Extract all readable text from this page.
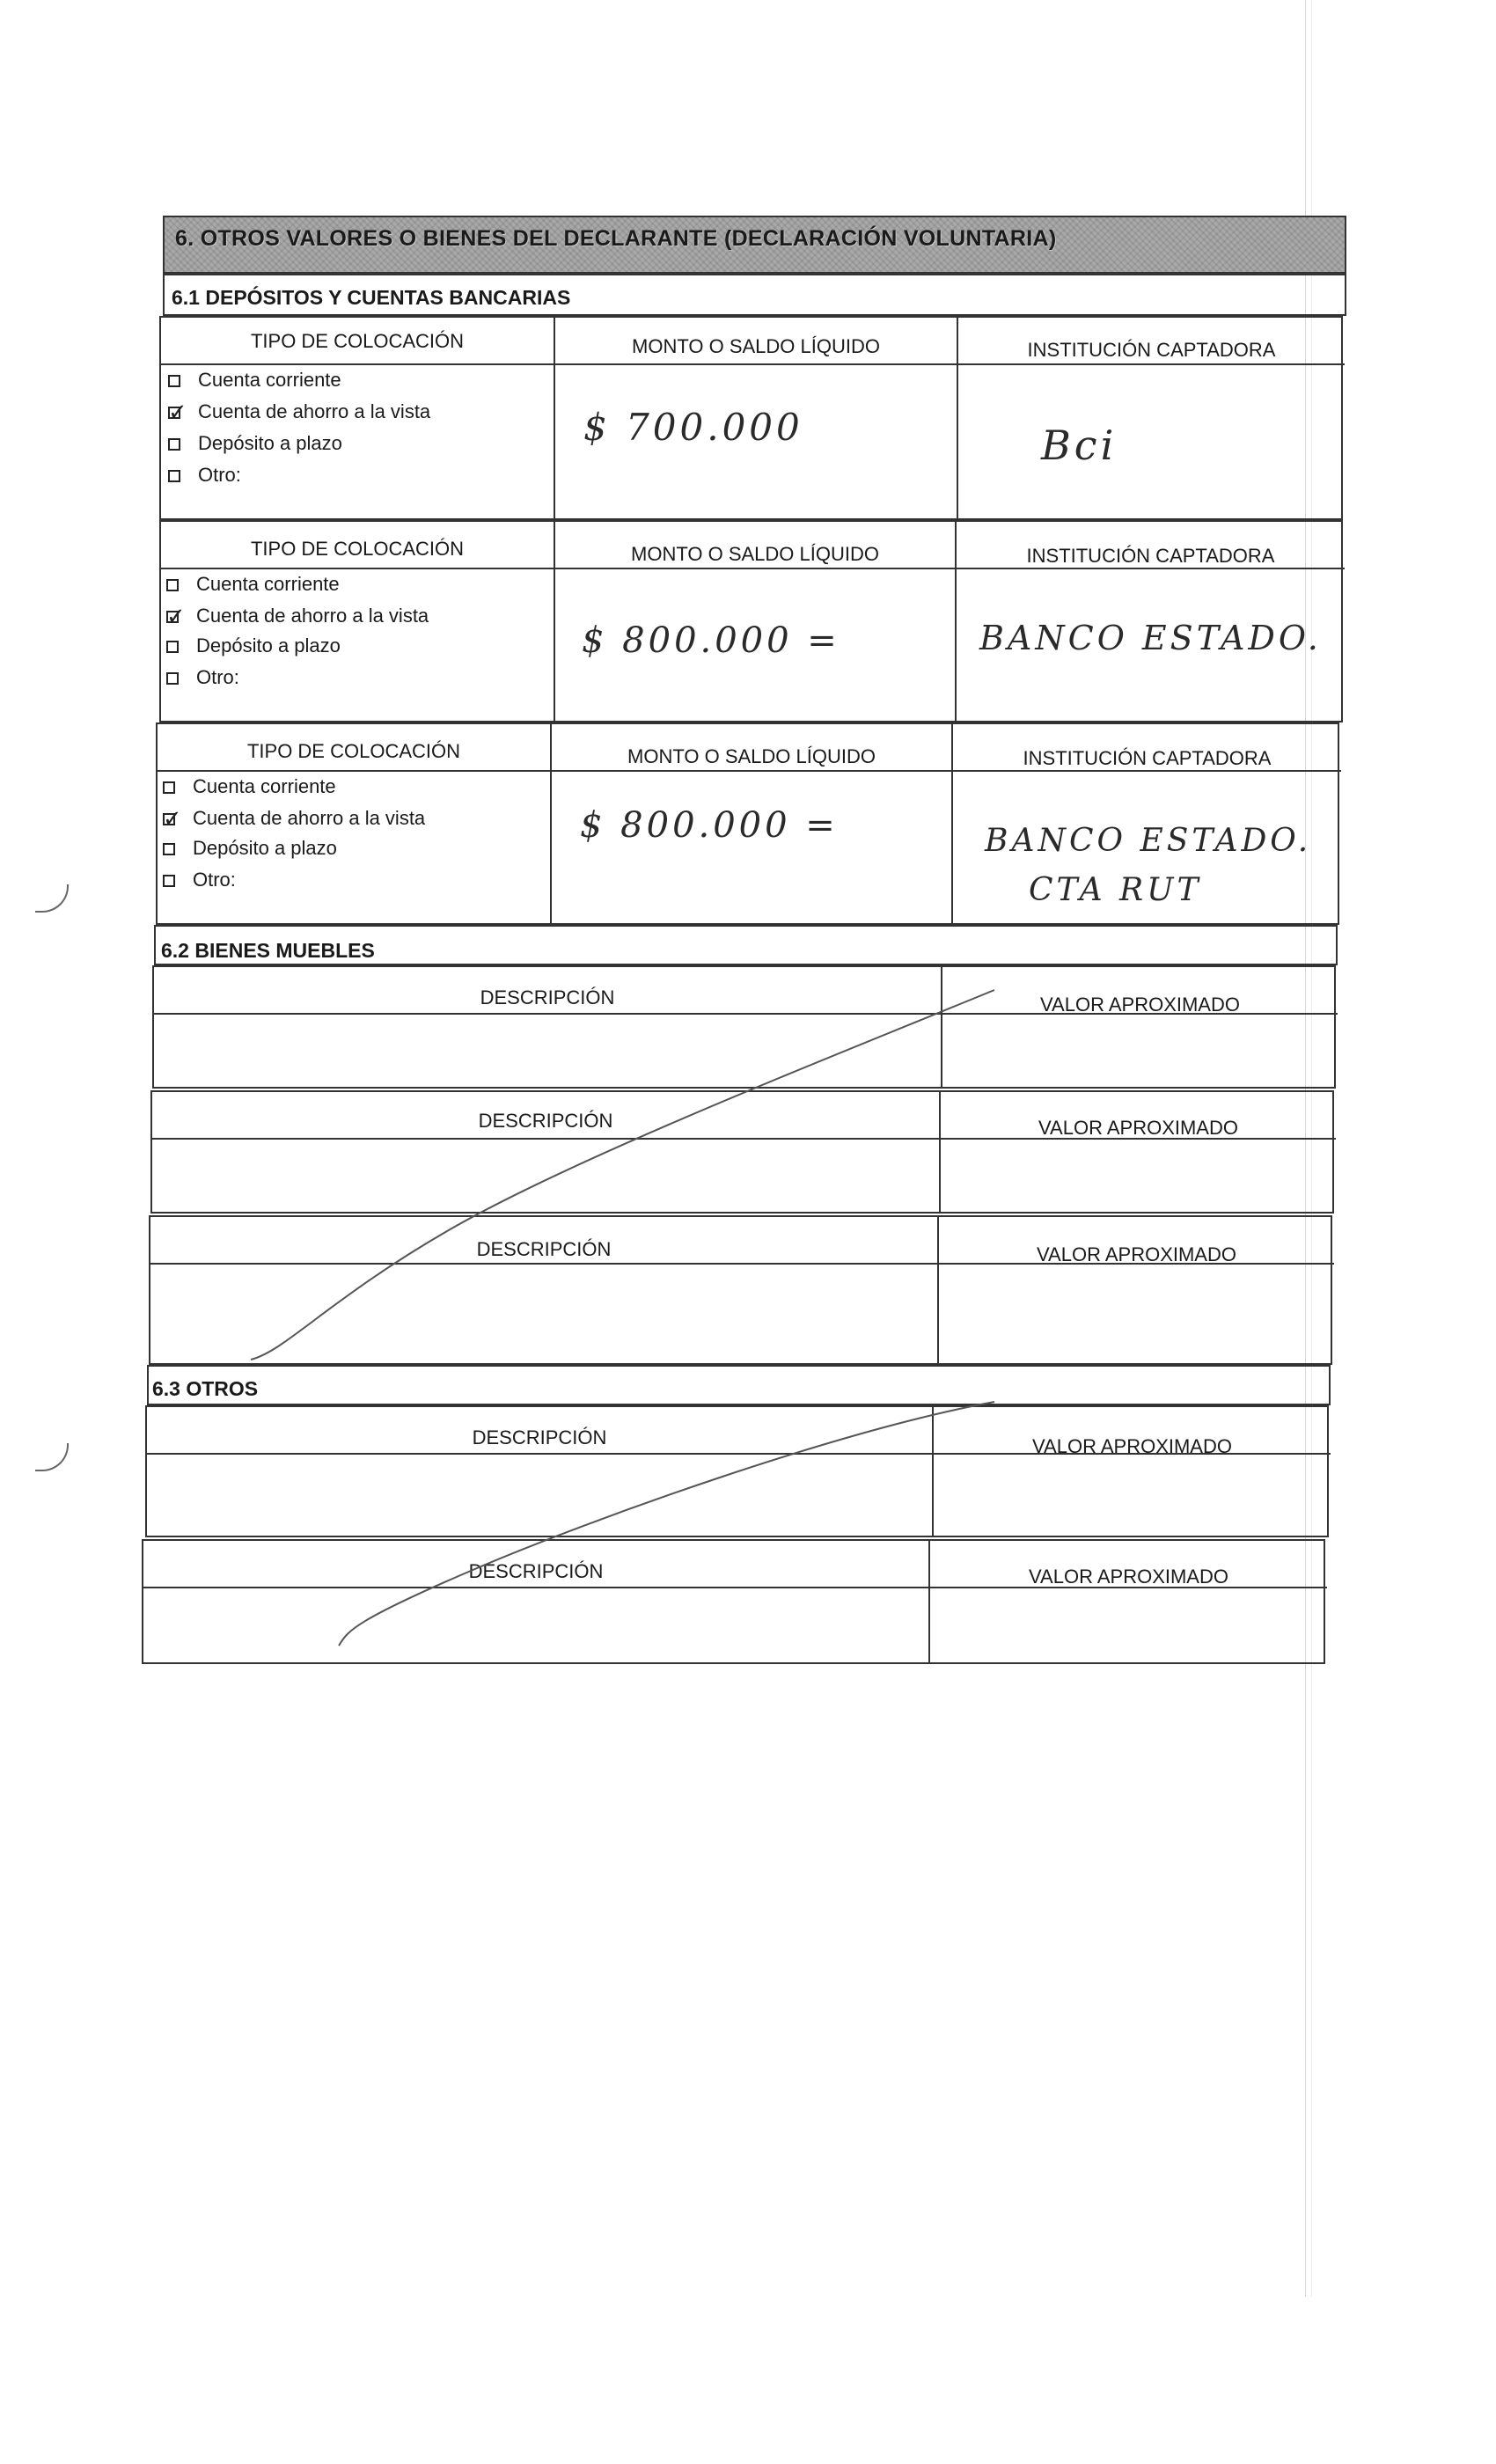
6. OTROS VALORES O BIENES DEL DECLARANTE (DECLARACIÓN VOLUNTARIA)
6.1 DEPÓSITOS Y CUENTAS BANCARIAS
TIPO DE COLOCACIÓN	MONTO O SALDO LÍQUIDO	INSTITUCIÓN CAPTADORA
Cuenta corriente
✓ Cuenta de ahorro a la vista
Depósito a plazo
Otro:
$ 700.000	Bci
TIPO DE COLOCACIÓN	MONTO O SALDO LÍQUIDO	INSTITUCIÓN CAPTADORA
Cuenta corriente
✓ Cuenta de ahorro a la vista
Depósito a plazo
Otro:
$ 800.000 =	BANCO ESTADO.
TIPO DE COLOCACIÓN	MONTO O SALDO LÍQUIDO	INSTITUCIÓN CAPTADORA
Cuenta corriente
✓ Cuenta de ahorro a la vista
Depósito a plazo
Otro:
$ 800.000 =	BANCO ESTADO.
CTA RUT
6.2 BIENES MUEBLES
DESCRIPCIÓN	VALOR APROXIMADO
DESCRIPCIÓN	VALOR APROXIMADO
DESCRIPCIÓN	VALOR APROXIMADO
6.3 OTROS
DESCRIPCIÓN	VALOR APROXIMADO
DESCRIPCIÓN	VALOR APROXIMADO
